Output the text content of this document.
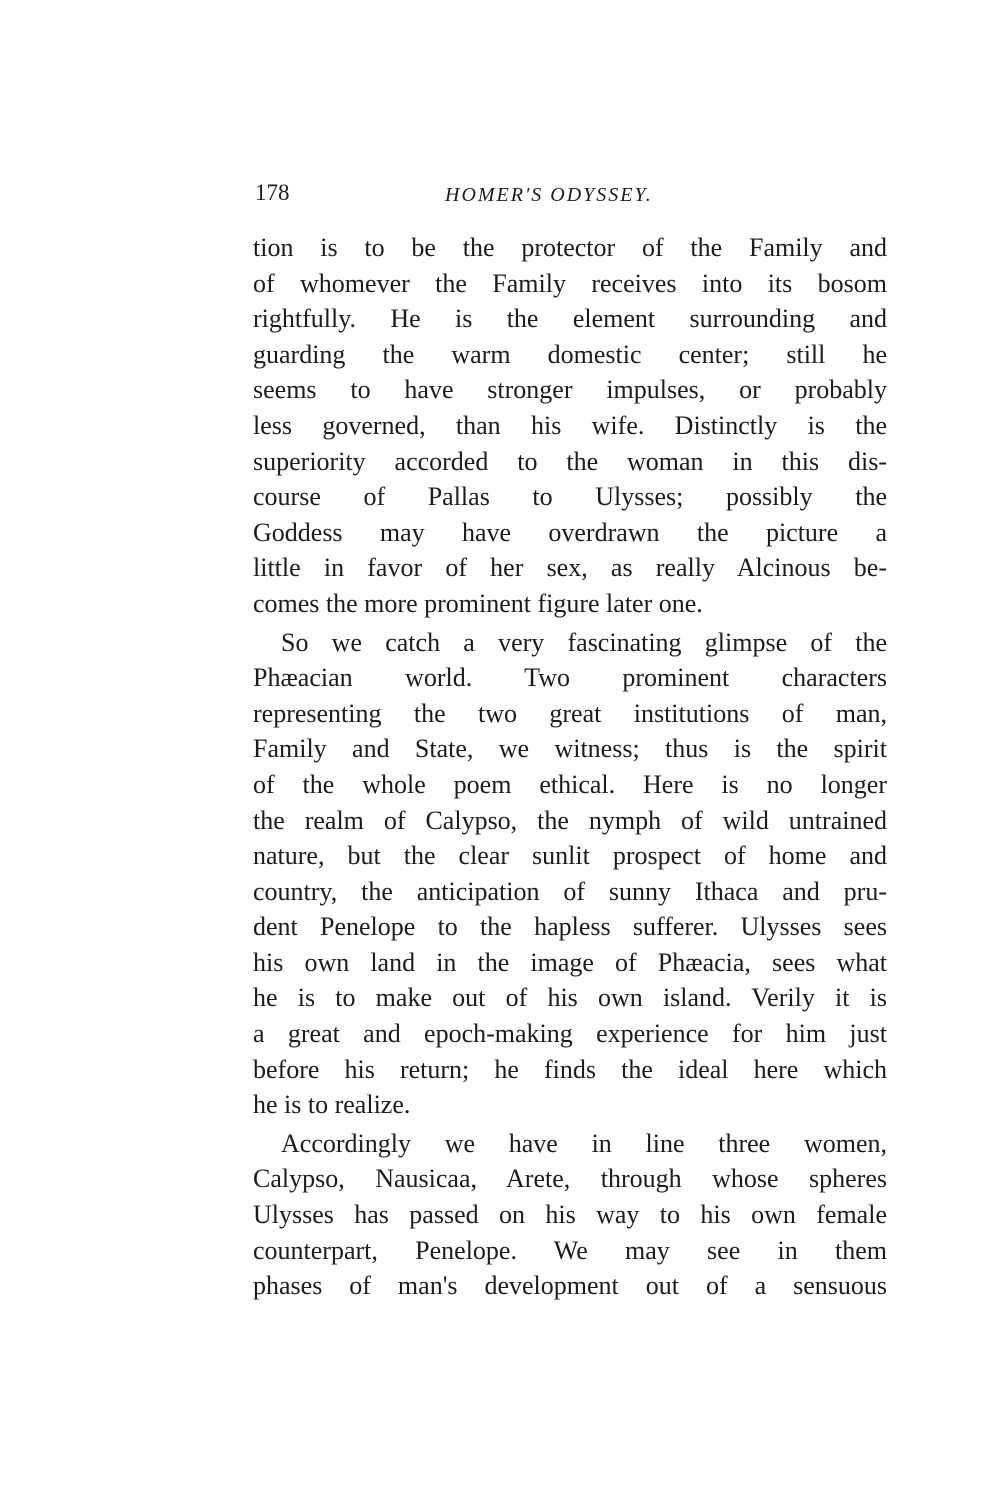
178	HOMER'S ODYSSEY.
tion is to be the protector of the Family and
of whomever the Family receives into its bosom
rightfully. He is the element surrounding and
guarding the warm domestic center; still he
seems to have stronger impulses, or probably
less governed, than his wife. Distinctly is the
superiority accorded to the woman in this dis-
course of Pallas to Ulysses; possibly the
Goddess may have overdrawn the picture a
little in favor of her sex, as really Alcinous be-
comes the more prominent figure later one.
So we catch a very fascinating glimpse of the
Phæacian world. Two prominent characters
representing the two great institutions of man,
Family and State, we witness; thus is the spirit
of the whole poem ethical. Here is no longer
the realm of Calypso, the nymph of wild untrained
nature, but the clear sunlit prospect of home and
country, the anticipation of sunny Ithaca and pru-
dent Penelope to the hapless sufferer. Ulysses sees
his own land in the image of Phæacia, sees what
he is to make out of his own island. Verily it is
a great and epoch-making experience for him just
before his return; he finds the ideal here which
he is to realize.
Accordingly we have in line three women,
Calypso, Nausicaa, Arete, through whose spheres
Ulysses has passed on his way to his own female
counterpart, Penelope. We may see in them
phases of man's development out of a sensuous
